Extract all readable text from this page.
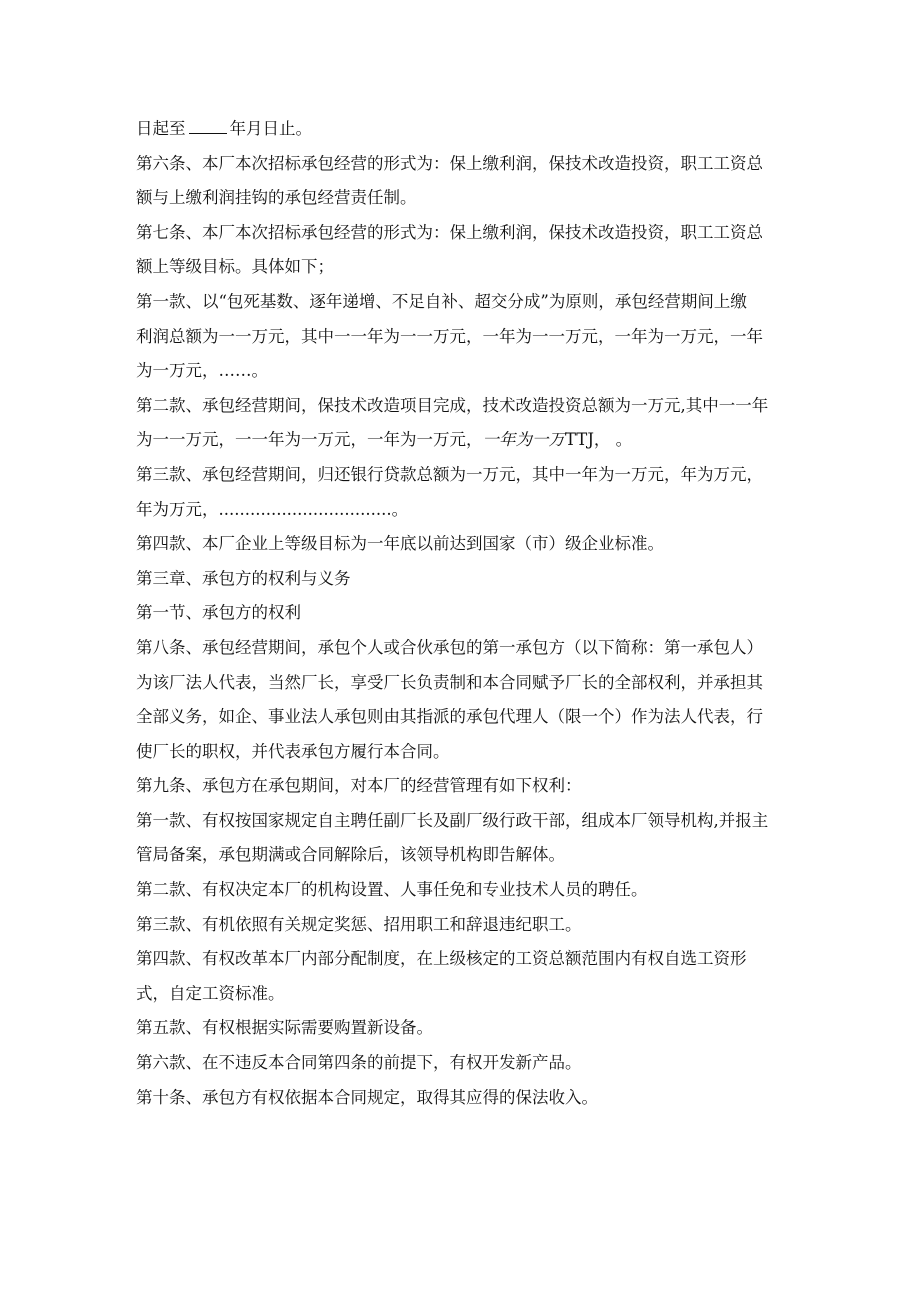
日起至	年月日止。
第六条、本厂本次招标承包经营的形式为：保上缴利润，保技术改造投资，职工工资总
额与上缴利润挂钩的承包经营责任制。
第七条、本厂本次招标承包经营的形式为：保上缴利润，保技术改造投资，职工工资总
额上等级目标。具体如下；
第一款、以“包死基数、逐年递增、不足自补、超交分成”为原则，承包经营期间上缴
利润总额为一一万元，其中一一年为一一万元，一年为一一万元，一年为一万元，一年
为一万元，……。
第二款、承包经营期间，保技术改造项目完成，技术改造投资总额为一万元,其中一一年
为一一万元，一一年为一万元，一年为一万元，一年为一万TTJ， 。
第三款、承包经营期间，归还银行贷款总额为一万元，其中一年为一万元，年为万元，
年为万元，.................................。
第四款、本厂企业上等级目标为一年底以前达到国家（市）级企业标准。
第三章、承包方的权利与义务
第一节、承包方的权利
第八条、承包经营期间，承包个人或合伙承包的第一承包方（以下简称：第一承包人）
为该厂法人代表，当然厂长，享受厂长负责制和本合同赋予厂长的全部权利，并承担其
全部义务，如企、事业法人承包则由其指派的承包代理人（限一个）作为法人代表，行
使厂长的职权，并代表承包方履行本合同。
第九条、承包方在承包期间，对本厂的经营管理有如下权利：
第一款、有权按国家规定自主聘任副厂长及副厂级行政干部，组成本厂领导机构,并报主
管局备案，承包期满或合同解除后，该领导机构即告解体。
第二款、有权决定本厂的机构设置、人事任免和专业技术人员的聘任。
第三款、有机依照有关规定奖惩、招用职工和辞退违纪职工。
第四款、有权改革本厂内部分配制度，在上级核定的工资总额范围内有权自选工资形
式，自定工资标准。
第五款、有权根据实际需要购置新设备。
第六款、在不违反本合同第四条的前提下，有权开发新产品。
第十条、承包方有权依据本合同规定，取得其应得的保法收入。
